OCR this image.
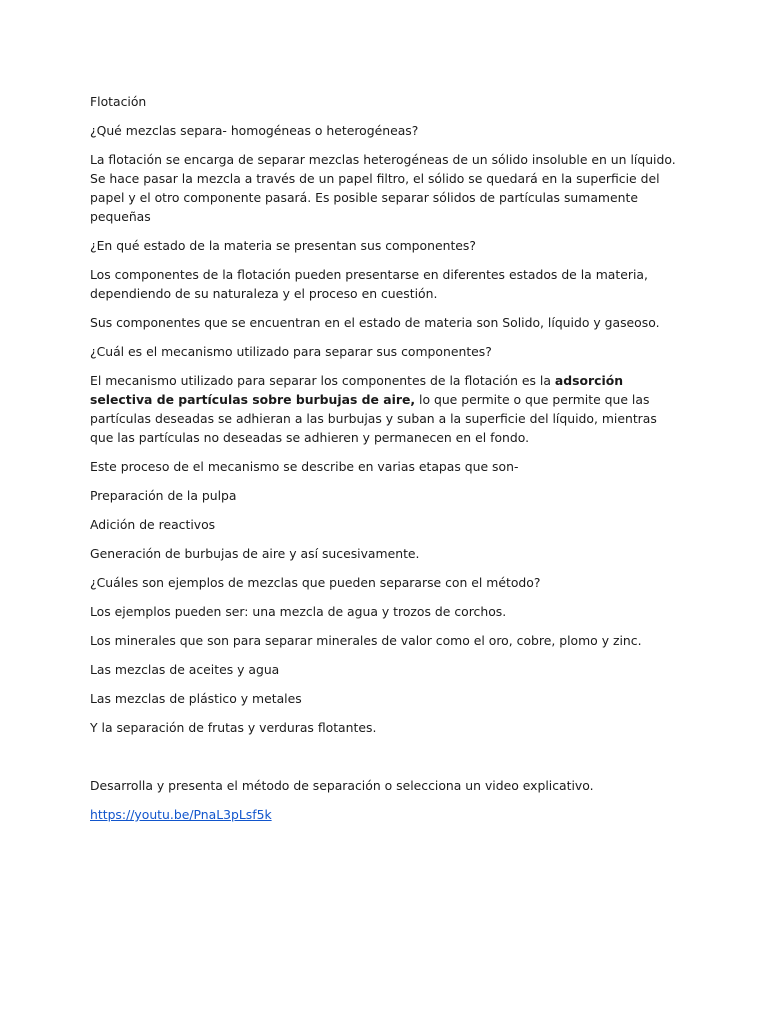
Flotación

¿Qué mezclas separa- homogéneas o heterogéneas?

La flotación se encarga de separar mezclas heterogéneas de un sólido insoluble en un líquido. Se hace pasar la mezcla a través de un papel filtro, el sólido se quedará en la superficie del papel y el otro componente pasará. Es posible separar sólidos de partículas sumamente pequeñas

¿En qué estado de la materia se presentan sus componentes?

Los componentes de la flotación pueden presentarse en diferentes estados de la materia, dependiendo de su naturaleza y el proceso en cuestión.

Sus componentes que se encuentran en el estado de materia son Solido, líquido y gaseoso.

¿Cuál es el mecanismo utilizado para separar sus componentes?

El mecanismo utilizado para separar los componentes de la flotación es la adsorción selectiva de partículas sobre burbujas de aire, lo que permite o que permite que las partículas deseadas se adhieran a las burbujas y suban a la superficie del líquido, mientras que las partículas no deseadas se adhieren y permanecen en el fondo.

Este proceso de el mecanismo se describe en varias etapas que son-

Preparación de la pulpa

Adición de reactivos

Generación de burbujas de aire y así sucesivamente.

¿Cuáles son ejemplos de mezclas que pueden separarse con el método?

Los ejemplos pueden ser: una mezcla de agua y trozos de corchos.

Los minerales que son para separar minerales de valor como el oro, cobre, plomo y zinc.

Las mezclas de aceites y agua

Las mezclas de plástico y metales

Y la separación de frutas y verduras flotantes.

Desarrolla y presenta el método de separación o selecciona un video explicativo.

https://youtu.be/PnaL3pLsf5k
